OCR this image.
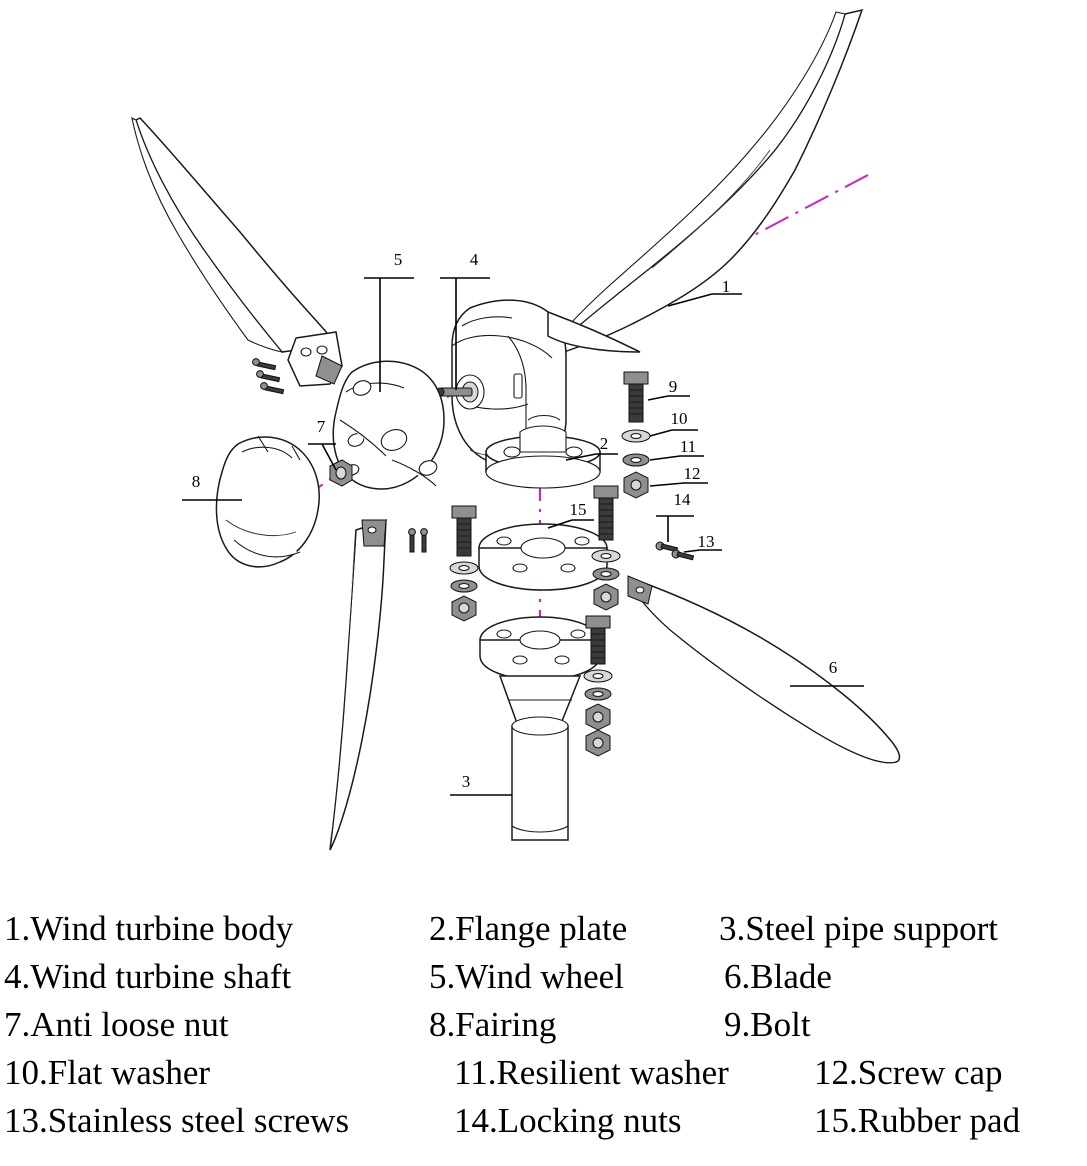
1
2
3
4
5
6
7
8
9
10
11
12
13
14
15
1.Wind turbine body	2.Flange plate	3.Steel pipe support
4.Wind turbine shaft	5.Wind wheel	6.Blade
7.Anti loose nut	8.Fairing	9.Bolt
10.Flat washer	11.Resilient washer	12.Screw cap
13.Stainless steel screws	14.Locking nuts	15.Rubber pad
